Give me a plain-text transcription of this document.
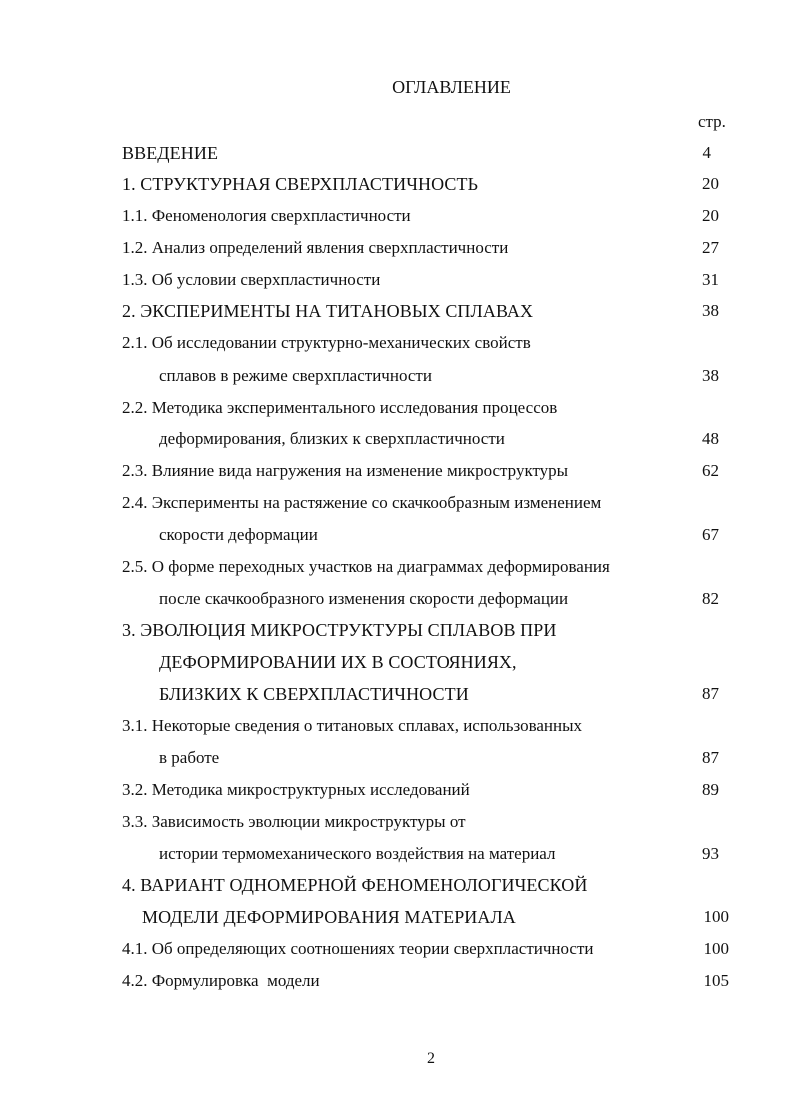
ОГЛАВЛЕНИЕ
стр.
ВВЕДЕНИЕ	4
1. СТРУКТУРНАЯ СВЕРХПЛАСТИЧНОСТЬ	20
1.1. Феноменология сверхпластичности	20
1.2. Анализ определений явления сверхпластичности	27
1.3. Об условии сверхпластичности	31
2. ЭКСПЕРИМЕНТЫ НА ТИТАНОВЫХ СПЛАВАХ	38
2.1. Об исследовании структурно-механических свойств
сплавов в режиме сверхпластичности	38
2.2. Методика экспериментального исследования процессов
деформирования, близких к сверхпластичности	48
2.3. Влияние вида нагружения на изменение микроструктуры	62
2.4. Эксперименты на растяжение со скачкообразным изменением
скорости деформации	67
2.5. О форме переходных участков на диаграммах деформирования
после скачкообразного изменения скорости деформации	82
3. ЭВОЛЮЦИЯ МИКРОСТРУКТУРЫ СПЛАВОВ ПРИ
ДЕФОРМИРОВАНИИ ИХ В СОСТОЯНИЯХ,
БЛИЗКИХ К СВЕРХПЛАСТИЧНОСТИ	87
3.1. Некоторые сведения о титановых сплавах, использованных
в работе	87
3.2. Методика микроструктурных исследований	89
3.3. Зависимость эволюции микроструктуры от
истории термомеханического воздействия на материал	93
4. ВАРИАНТ ОДНОМЕРНОЙ ФЕНОМЕНОЛОГИЧЕСКОЙ
МОДЕЛИ ДЕФОРМИРОВАНИЯ МАТЕРИАЛА	100
4.1. Об определяющих соотношениях теории сверхпластичности	100
4.2. Формулировка  модели	105
2
